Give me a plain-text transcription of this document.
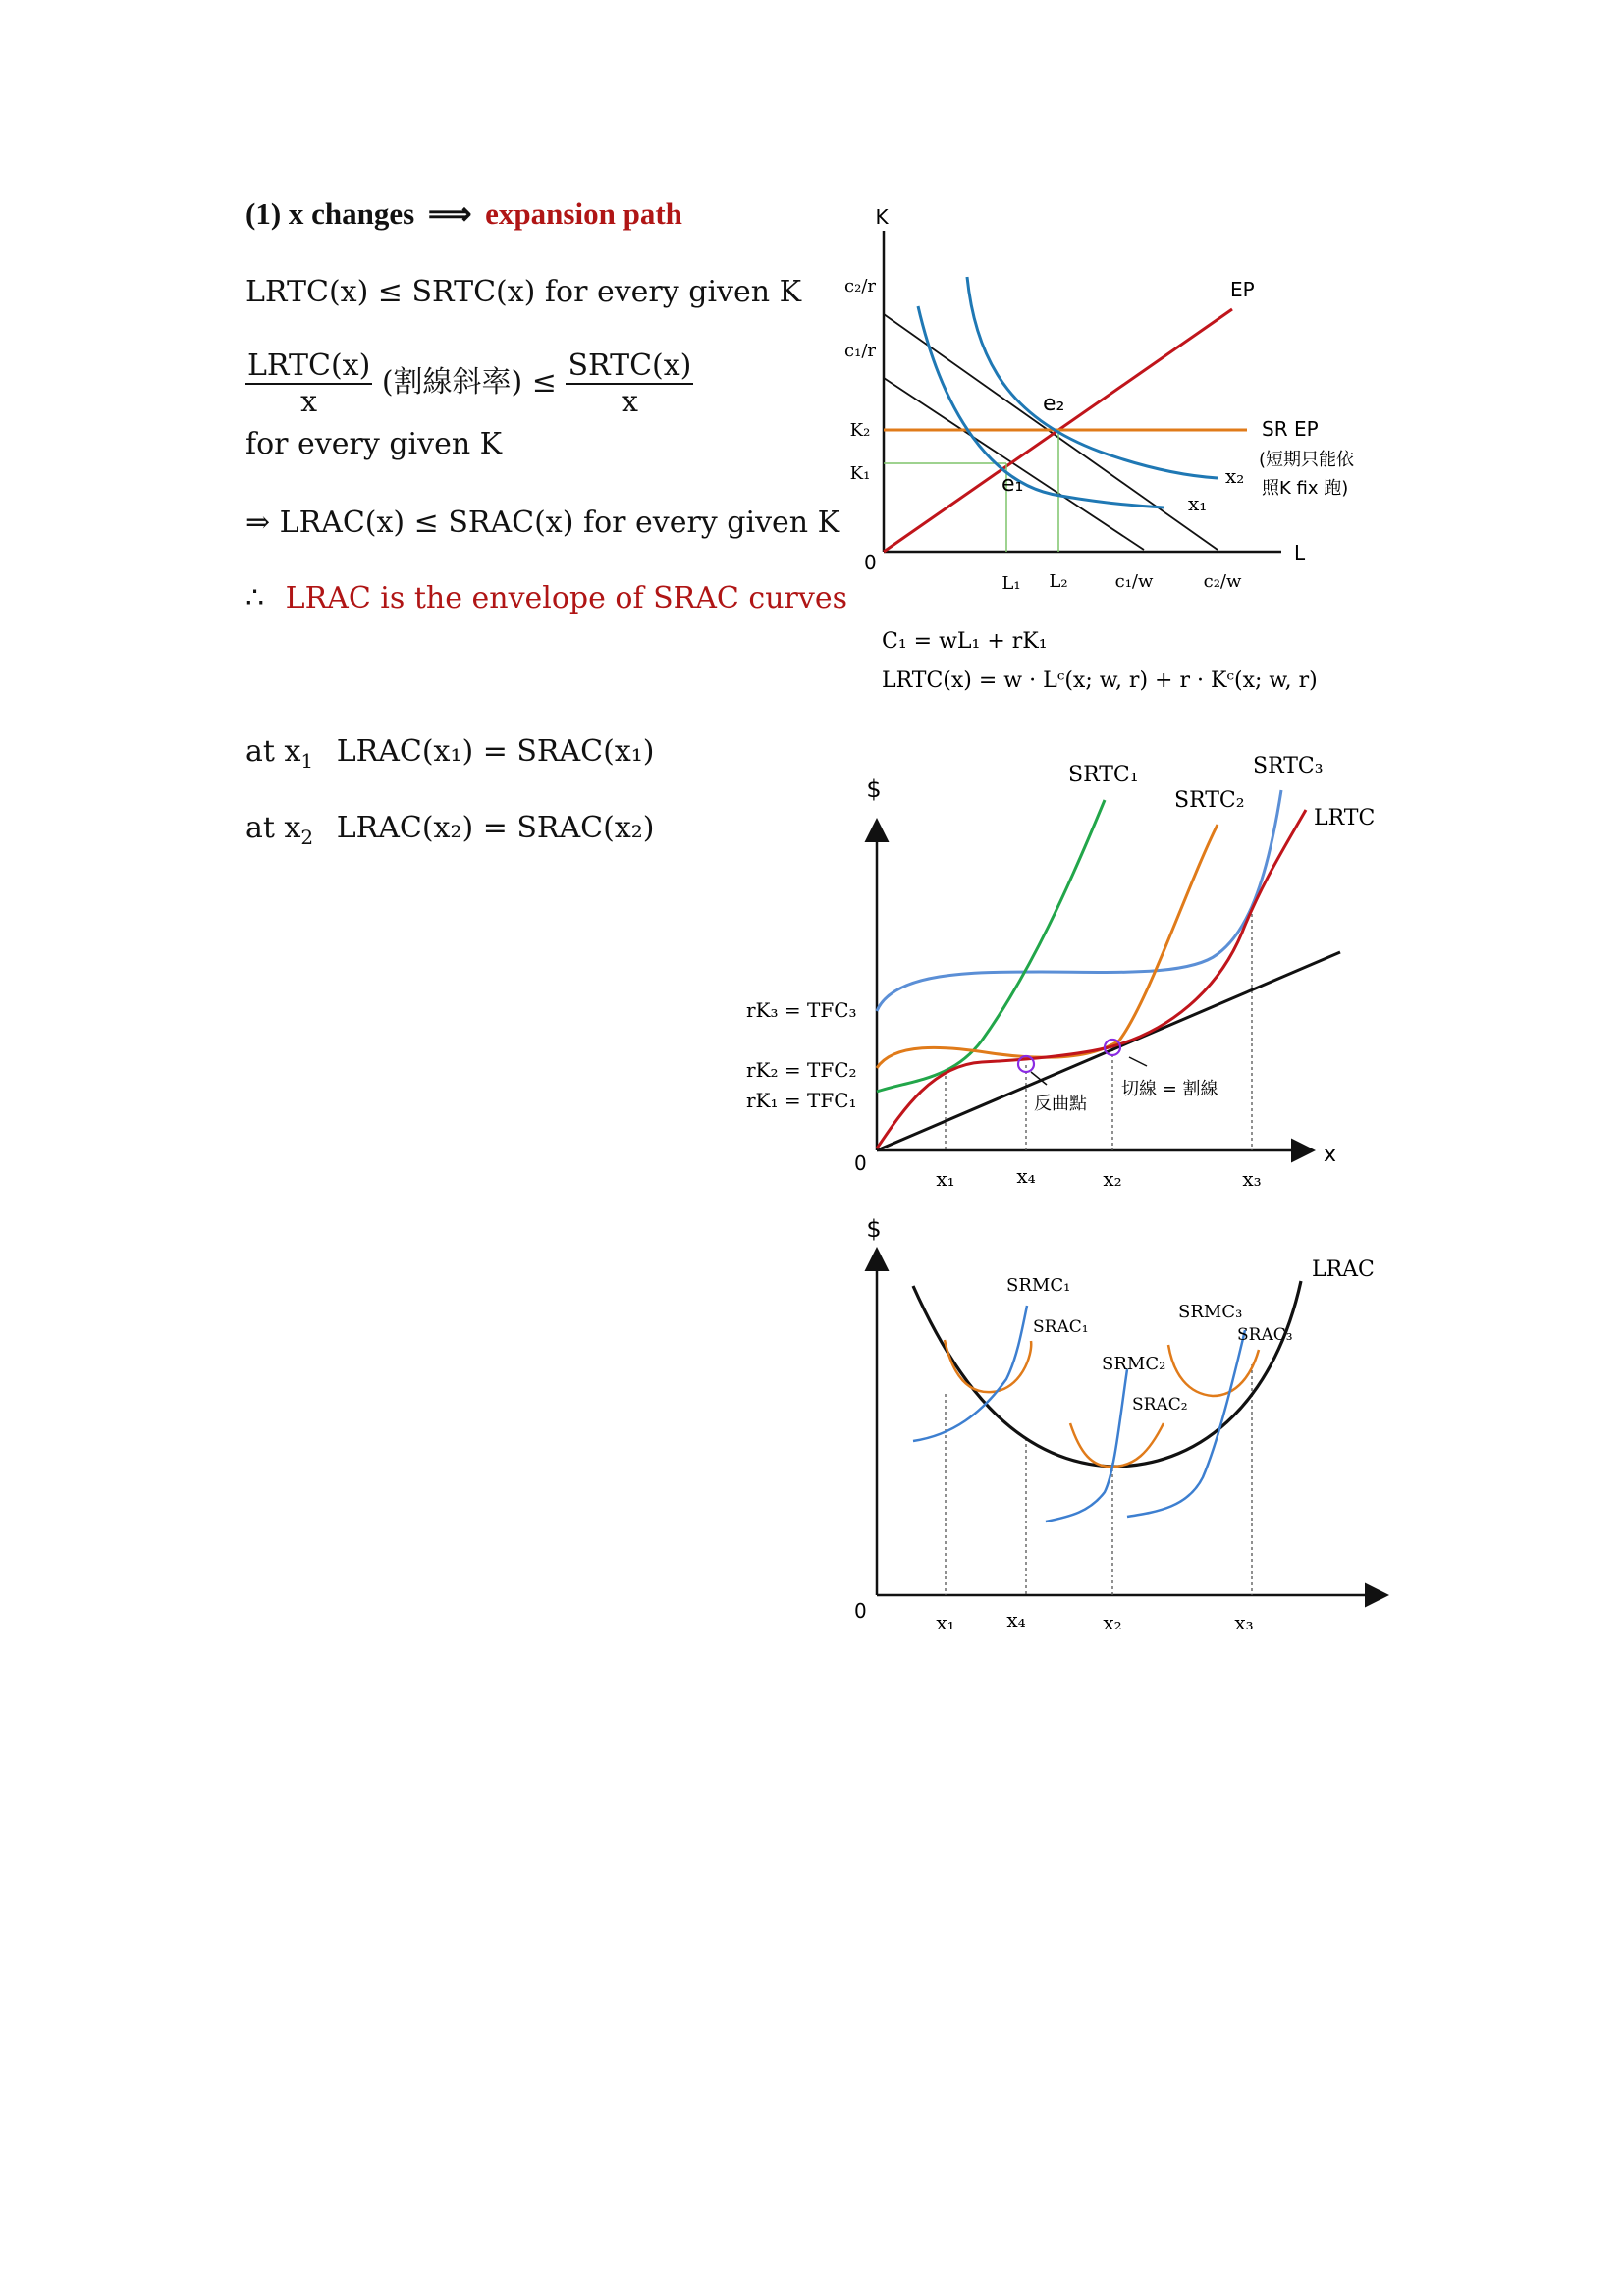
(1) x changes ⟹ expansion path
LRTC(x) ≤ SRTC(x) for every given K
$\frac{\text{LRTC(x)}}{x}$ (割線斜率) ≤ $\frac{\text{SRTC(x)}}{x}$
for every given K
⇒ LRAC(x) ≤ SRAC(x) for every given K
∴ LRAC is the envelope of SRAC curves
at $x_1$ LRAC(x₁) = SRAC(x₁)
at $x_2$ LRAC(x₂) = SRAC(x₂)
K
L
0
EP
SR EP
(短期只能依
照K fix 跑)
x₁
x₂
e₁
e₂
c₂/r
c₁/r
K₂
K₁
L₁ L₂	c₁/w	c₂/w
C₁ = wL₁ + rK₁
LRTC(x) = w · Lᶜ(x; w, r) + r · Kᶜ(x; w, r)
$
x
0
SRTC₁
SRTC₂
SRTC₃
LRTC
rK₃ = TFC₃
rK₂ = TFC₂
rK₁ = TFC₁	反曲點
切線 = 割線
x₁	x₄	x₂	x₃
$
0
LRAC
SRMC₁
SRAC₁
SRMC₂
SRAC₂
SRMC₃
SRAC₃
x₁	x₄	x₂	x₃
